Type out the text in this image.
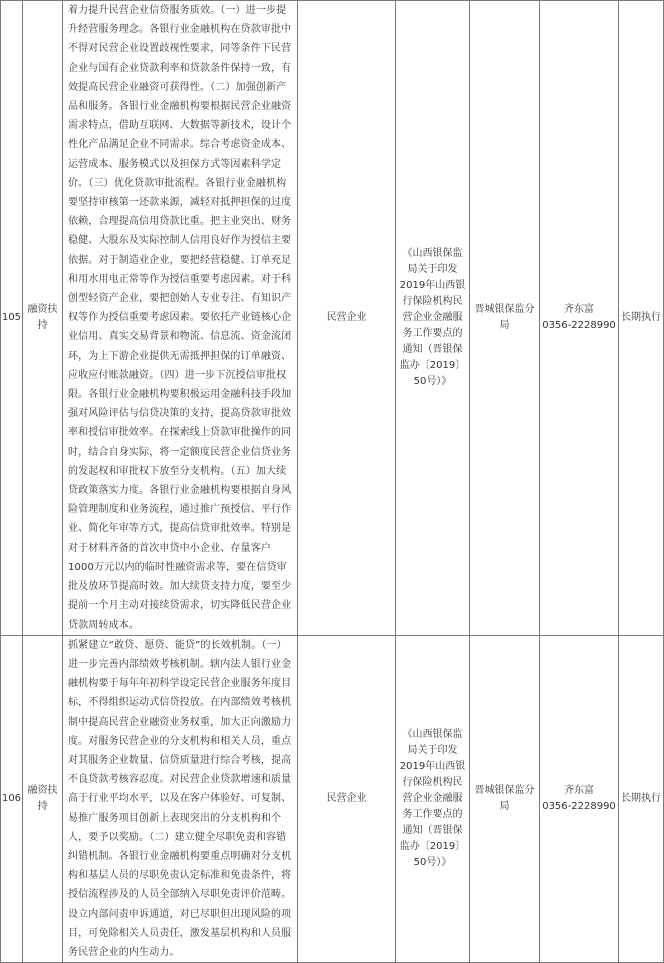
105	融资扶持	着力提升民营企业信贷服务质效。（一）进一步提升经营服务理念。各银行业金融机构在贷款审批中不得对民营企业设置歧视性要求，同等条件下民营企业与国有企业贷款利率和贷款条件保持一致，有效提高民营企业融资可获得性。（二）加强创新产品和服务。各银行业金融机构要根据民营企业融资需求特点，借助互联网、大数据等新技术，设计个性化产品满足企业不同需求。综合考虑资金成本、运营成本、服务模式以及担保方式等因素科学定价。（三）优化贷款审批流程。各银行业金融机构要坚持审核第一还款来源，减轻对抵押担保的过度依赖，合理提高信用贷款比重。把主业突出、财务稳健、大股东及实际控制人信用良好作为授信主要依据。对于制造业企业，要把经营稳健、订单充足和用水用电正常等作为授信重要考虑因素。对于科创型轻资产企业，要把创始人专业专注、有知识产权等作为授信重要考虑因素。要依托产业链核心企业信用、真实交易背景和物流、信息流、资金流闭环，为上下游企业提供无需抵押担保的订单融资、应收应付账款融资。（四）进一步下沉授信审批权限。各银行业金融机构要积极运用金融科技手段加强对风险评估与信贷决策的支持，提高贷款审批效率和授信审批效率。在探索线上贷款审批操作的同时，结合自身实际，将一定额度民营企业信贷业务的发起权和审批权下放至分支机构。（五）加大续贷政策落实力度。各银行业金融机构要根据自身风险管理制度和业务流程，通过推广预授信、平行作业、简化年审等方式，提高信贷审批效率。特别是对于材料齐备的首次申贷中小企业、存量客户1000万元以内的临时性融资需求等，要在信贷审批及放环节提高时效。加大续贷支持力度，要至少提前一个月主动对接续贷需求，切实降低民营企业贷款周转成本。	民营企业	《山西银保监局关于印发2019年山西银行保险机构民营企业金融服务工作要点的通知（晋银保监办〔2019〕50号）》	晋城银保监分局	齐东富
0356-2228990	长期执行
106	融资扶持	抓紧建立“敢贷、愿贷、能贷”的长效机制。（一）进一步完善内部绩效考核机制。辖内法人银行业金融机构要于每年年初科学设定民营企业服务年度目标，不得组织运动式信贷投放。在内部绩效考核机制中提高民营企业融资业务权重，加大正向激励力度。对服务民营企业的分支机构和相关人员，重点对其服务企业数量、信贷质量进行综合考核，提高不良贷款考核容忍度。对民营企业贷款增速和质量高于行业平均水平，以及在客户体验好、可复制、易推广服务项目创新上表现突出的分支机构和个人，要予以奖励。（二）建立健全尽职免责和容错纠错机制。各银行业金融机构要重点明确对分支机构和基层人员的尽职免责认定标准和免责条件，将授信流程涉及的人员全部纳入尽职免责评价范畴。设立内部问责申诉通道，对已尽职但出现风险的项目，可免除相关人员责任，激发基层机构和人员服务民营企业的内生动力。	民营企业	《山西银保监局关于印发2019年山西银行保险机构民营企业金融服务工作要点的通知（晋银保监办〔2019〕50号）》	晋城银保监分局	齐东富
0356-2228990	长期执行
